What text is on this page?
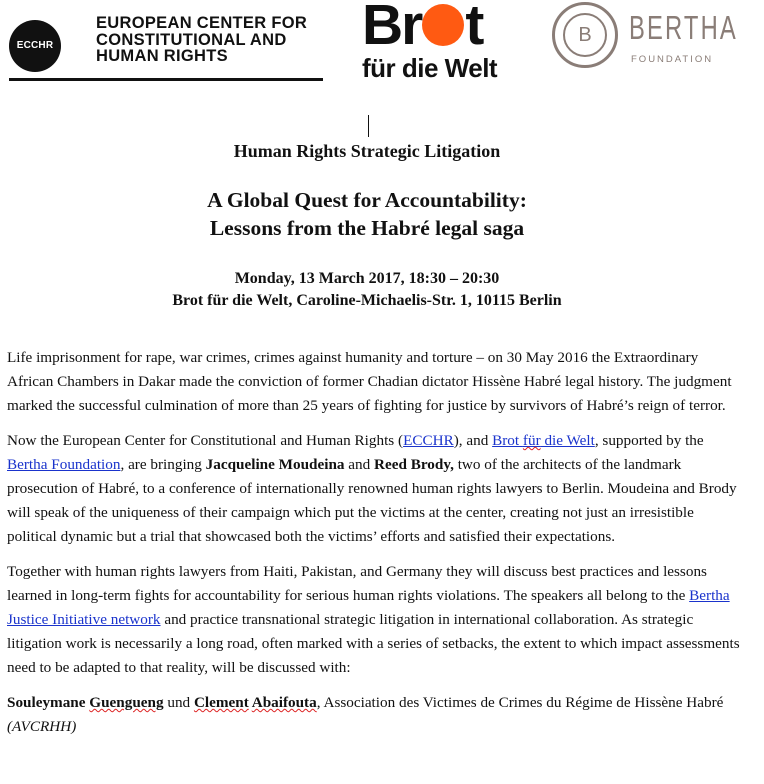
ECCHR
EUROPEAN CENTER FOR
CONSTITUTIONAL AND
HUMAN RIGHTS	Br t
für die Welt
B	BERTHA
FOUNDATION
Human Rights Strategic Litigation
A Global Quest for Accountability:
Lessons from the Habré legal saga
Monday, 13 March 2017, 18:30 – 20:30
Brot für die Welt, Caroline-Michaelis-Str. 1, 10115 Berlin

Life imprisonment for rape, war crimes, crimes against humanity and torture – on 30 May 2016 the Extraordinary African Chambers in Dakar made the conviction of former Chadian dictator Hissène Habré legal history. The judgment marked the successful culmination of more than 25 years of fighting for justice by survivors of Habré’s reign of terror.

Now the European Center for Constitutional and Human Rights (ECCHR), and Brot für die Welt, supported by the Bertha Foundation, are bringing Jacqueline Moudeina and Reed Brody, two of the architects of the landmark prosecution of Habré, to a conference of internationally renowned human rights lawyers to Berlin. Moudeina and Brody will speak of the uniqueness of their campaign which put the victims at the center, creating not just an irresistible political dynamic but a trial that showcased both the victims’ efforts and satisfied their expectations.

Together with human rights lawyers from Haiti, Pakistan, and Germany they will discuss best practices and lessons learned in long-term fights for accountability for serious human rights violations. The speakers all belong to the Bertha Justice Initiative network and practice transnational strategic litigation in international collaboration. As strategic litigation work is necessarily a long road, often marked with a series of setbacks, the extent to which impact assessments need to be adapted to that reality, will be discussed with:

Souleymane Guengueng und Clement Abaifouta, Association des Victimes de Crimes du Régime de Hissène Habré (AVCRHH)
